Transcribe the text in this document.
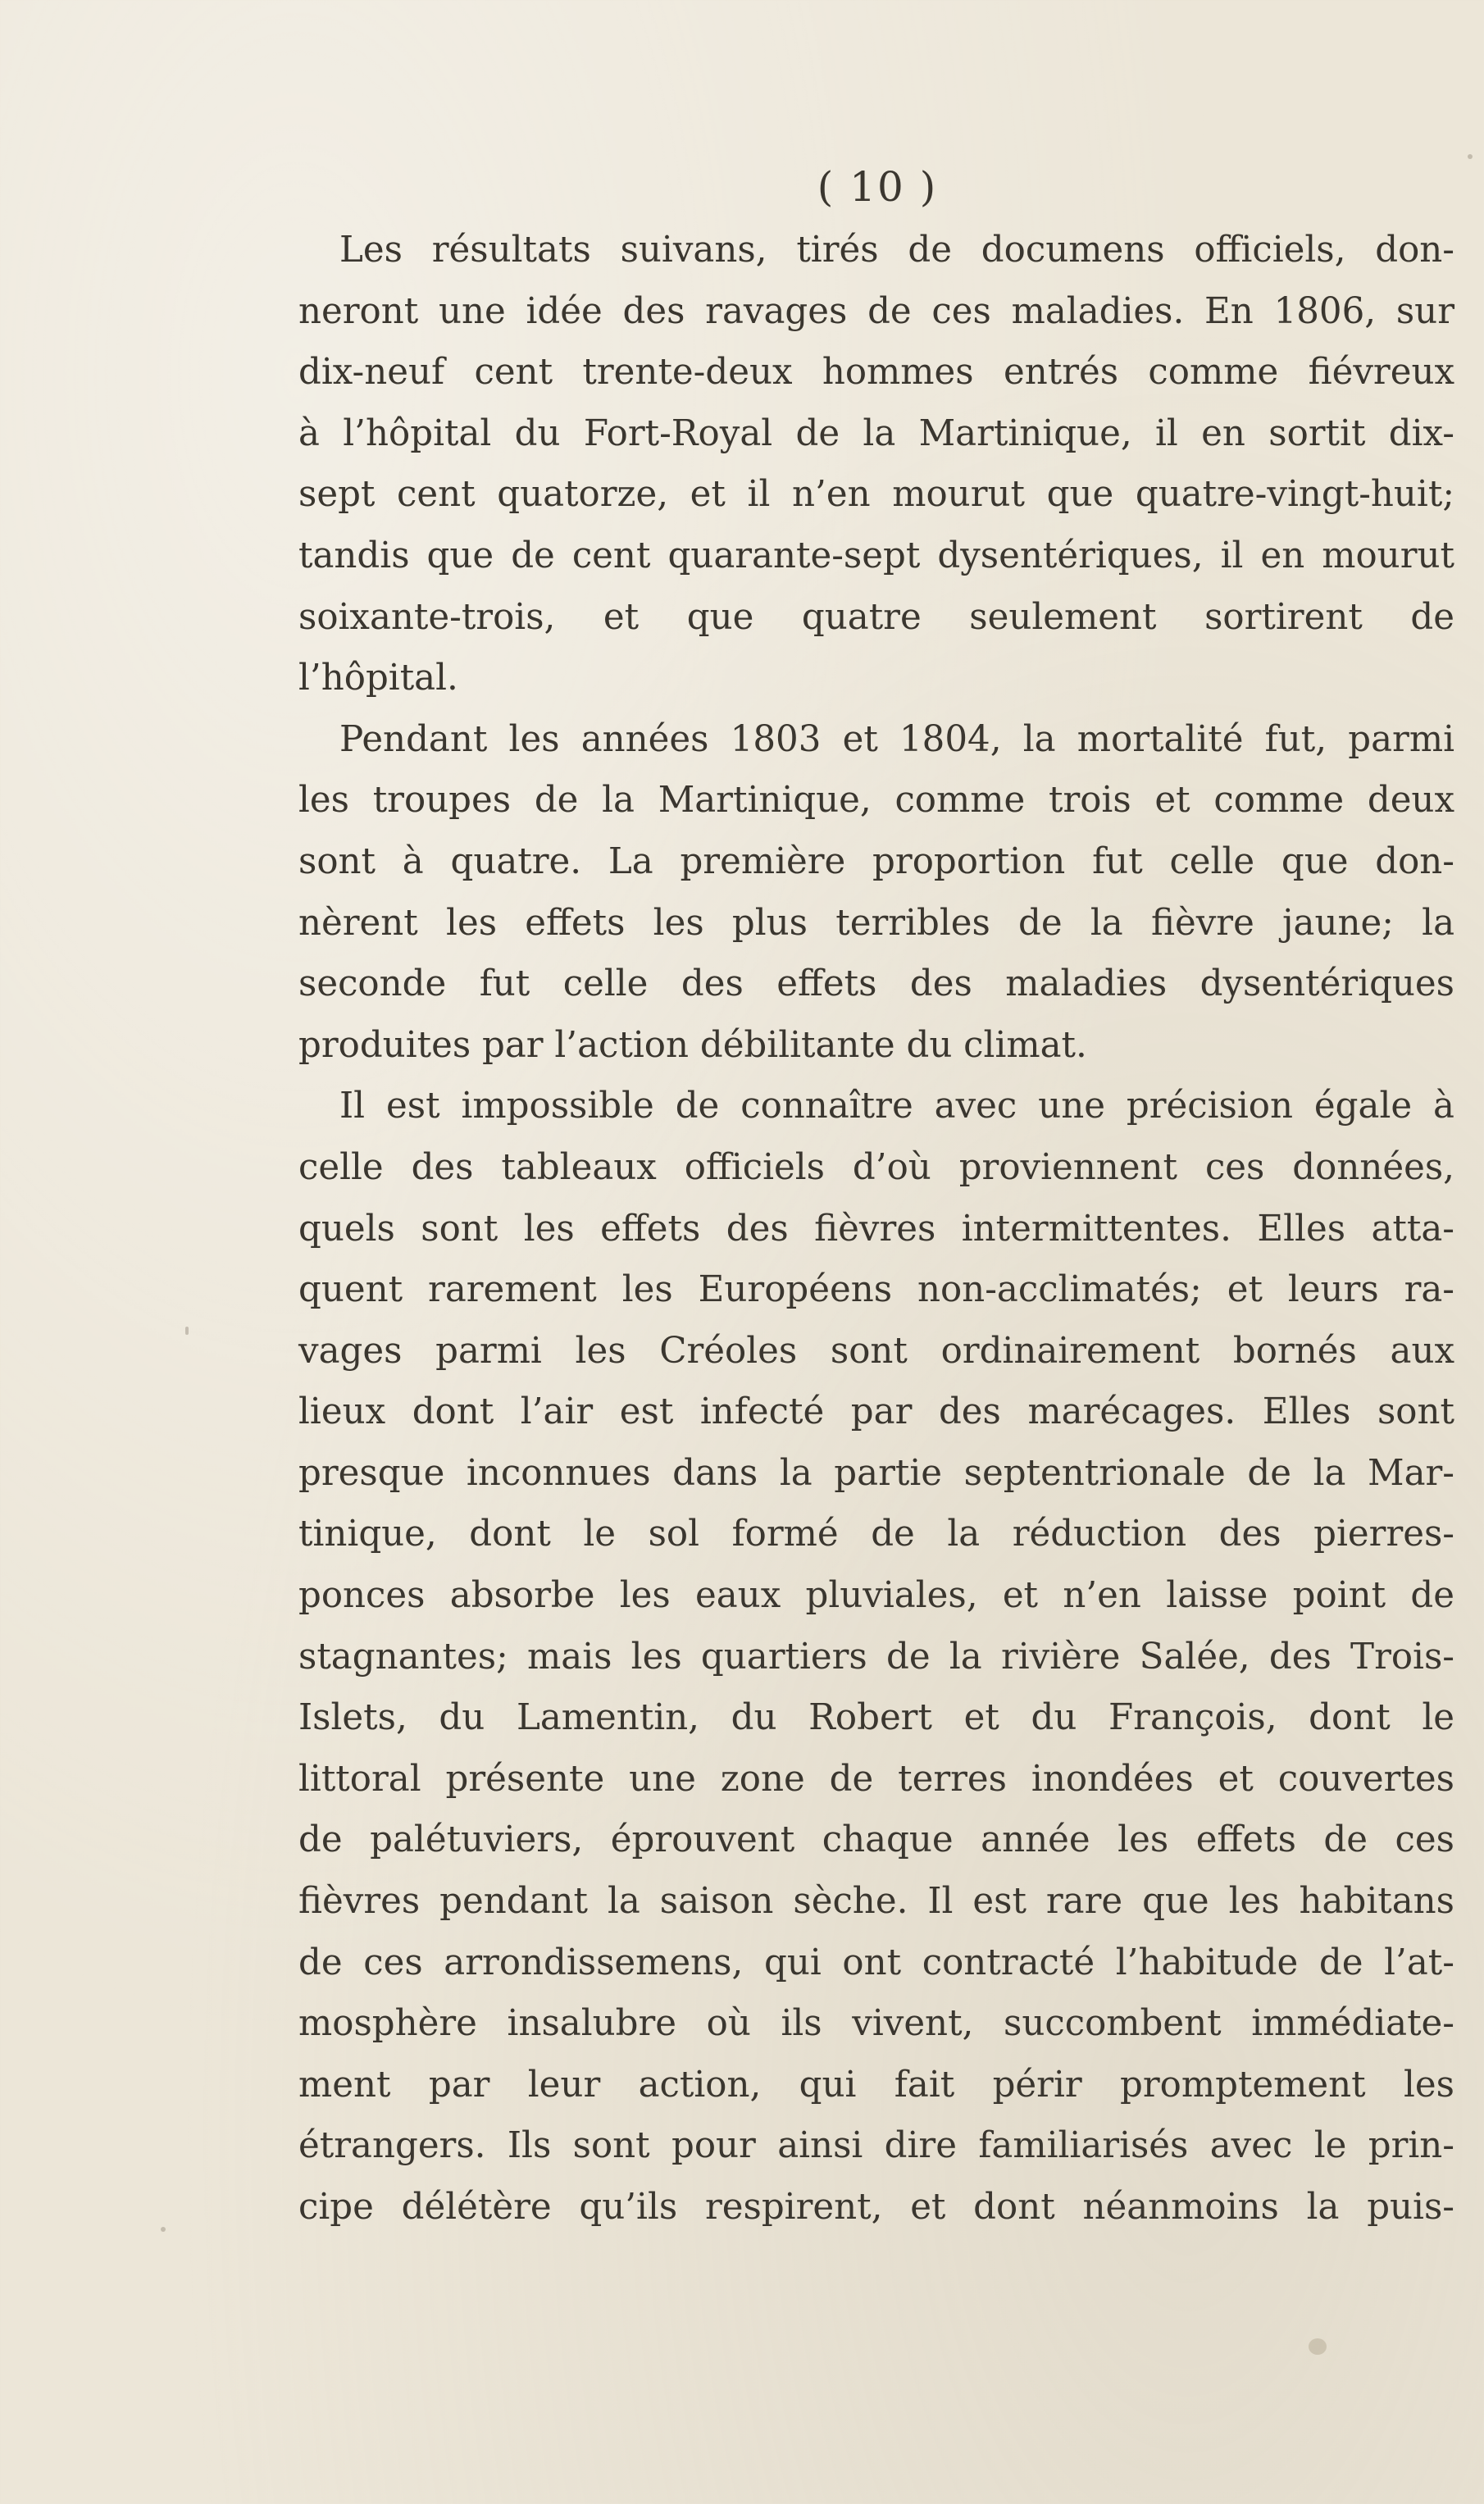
( 10 )
Les résultats suivans, tirés de documens officiels, don-
neront une idée des ravages de ces maladies. En 1806, sur
dix-neuf cent trente-deux hommes entrés comme fiévreux
à l’hôpital du Fort-Royal de la Martinique, il en sortit dix-
sept cent quatorze, et il n’en mourut que quatre-vingt-huit;
tandis que de cent quarante-sept dysentériques, il en mourut
soixante-trois, et que quatre seulement sortirent de
l’hôpital.
Pendant les années 1803 et 1804, la mortalité fut, parmi
les troupes de la Martinique, comme trois et comme deux
sont à quatre. La première proportion fut celle que don-
nèrent les effets les plus terribles de la fièvre jaune; la
seconde fut celle des effets des maladies dysentériques
produites par l’action débilitante du climat.
Il est impossible de connaître avec une précision égale à
celle des tableaux officiels d’où proviennent ces données,
quels sont les effets des fièvres intermittentes. Elles atta-
quent rarement les Européens non-acclimatés; et leurs ra-
vages parmi les Créoles sont ordinairement bornés aux
lieux dont l’air est infecté par des marécages. Elles sont
presque inconnues dans la partie septentrionale de la Mar-
tinique, dont le sol formé de la réduction des pierres-
ponces absorbe les eaux pluviales, et n’en laisse point de
stagnantes; mais les quartiers de la rivière Salée, des Trois-
Islets, du Lamentin, du Robert et du François, dont le
littoral présente une zone de terres inondées et couvertes
de palétuviers, éprouvent chaque année les effets de ces
fièvres pendant la saison sèche. Il est rare que les habitans
de ces arrondissemens, qui ont contracté l’habitude de l’at-
mosphère insalubre où ils vivent, succombent immédiate-
ment par leur action, qui fait périr promptement les
étrangers. Ils sont pour ainsi dire familiarisés avec le prin-
cipe délétère qu’ils respirent, et dont néanmoins la puis-
